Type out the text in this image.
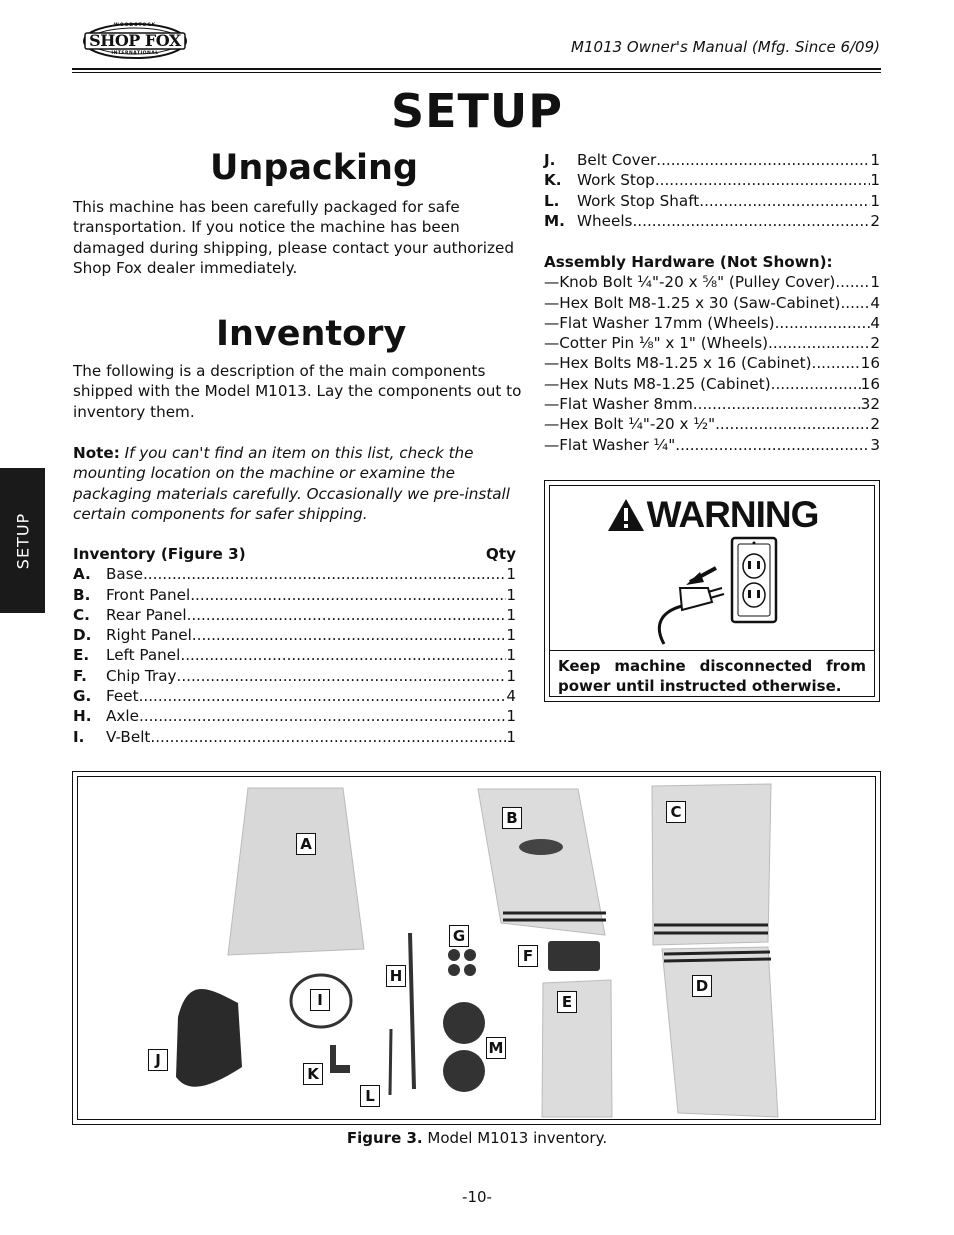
SHOP FOX
WOODSTOCK
INTERNATIONAL	M1013 Owner's Manual (Mfg. Since 6/09)
SETUP
SETUP
Unpacking
This machine has been carefully packaged for safe transportation. If you notice the machine has been damaged during shipping, please contact your authorized Shop Fox dealer immediately.
Inventory
The following is a description of the main components shipped with the Model M1013. Lay the components out to inventory them.
Note: If you can't find an item on this list, check the mounting location on the machine or examine the packaging materials carefully. Occasionally we pre-install certain components for safer shipping.
Inventory (Figure 3)	Qty
A. Base .....	1
B.	Front Panel .....	1
C.	Rear Panel .....	1
D. Right Panel .....	1
E.	Left Panel .....	1
F.	Chip Tray .....	1
G. Feet .....	4
H. Axle .....	1
I.	V-Belt .....	1
J.	Belt Cover .....	1
K.	Work Stop .....	1
L.	Work Stop Shaft .....	1
M. Wheels .....	2
Assembly Hardware (Not Shown):
—Knob Bolt ¹⁄₄"-20 x ⁵⁄₈" (Pulley Cover) ..... 1
—Hex Bolt M8-1.25 x 30 (Saw-Cabinet) ..... 4
—Flat Washer 17mm (Wheels) .....	4
—Cotter Pin ¹⁄₈" x 1" (Wheels) .....	2
—Hex Bolts M8-1.25 x 16 (Cabinet) .....	16
—Hex Nuts M8-1.25 (Cabinet) .....	16
—Flat Washer 8mm .....	32
—Hex Bolt ¹⁄₄"-20 x ¹⁄₂" .....	2
—Flat Washer ¹⁄₄" .....	3
WARNING
Keep machine disconnected from power until instructed otherwise.
A
B	C
D
E
F
G
H
I
J
K
L
M
Figure 3. Model M1013 inventory.
-10-
